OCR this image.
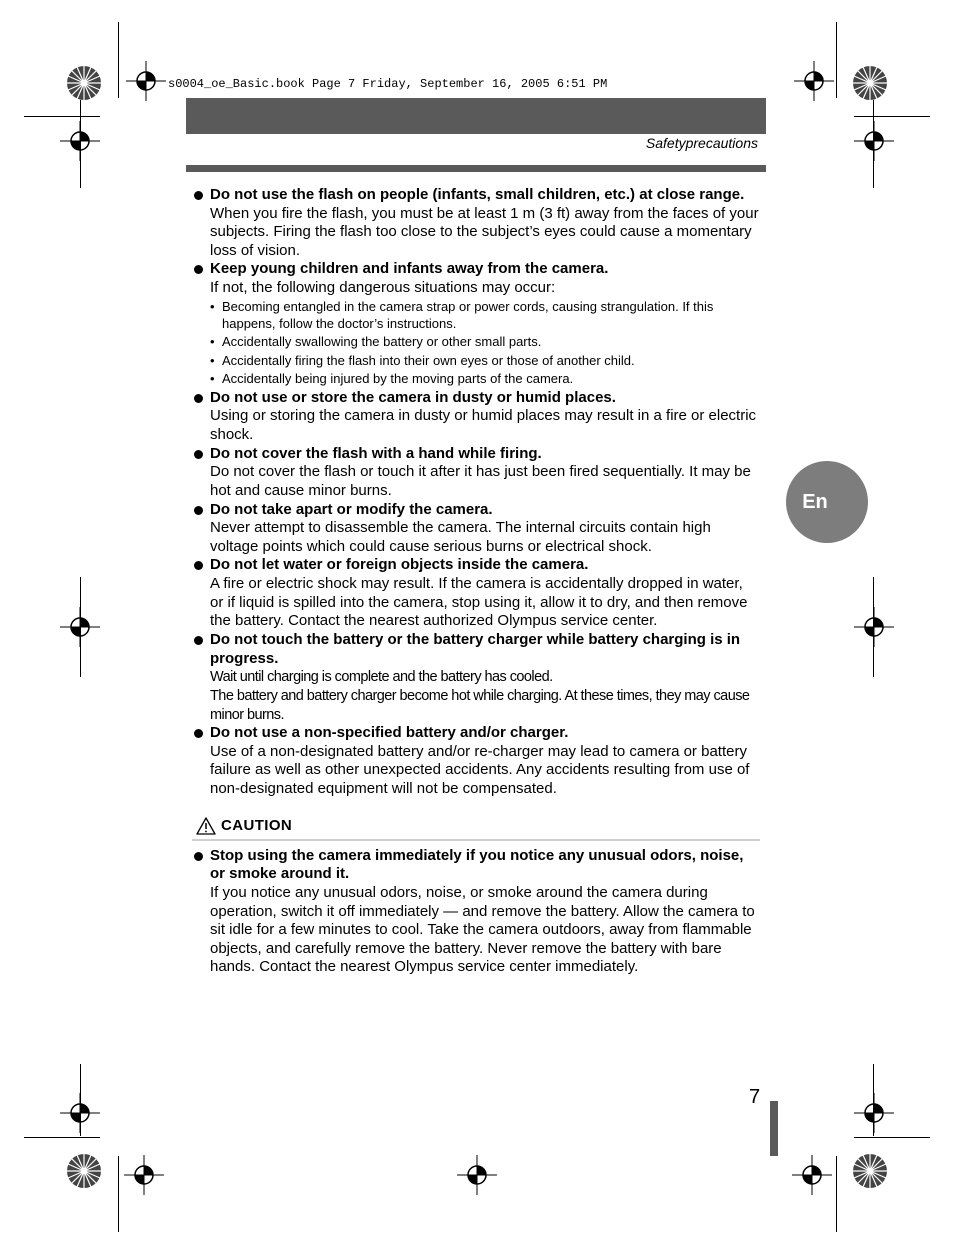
s0004_oe_Basic.book Page 7 Friday, September 16, 2005 6:51 PM
Safetyprecautions
En

Do not use the flash on people (infants, small children, etc.) at close range.

When you fire the flash, you must be at least 1 m (3 ft) away from the faces of your subjects. Firing the flash too close to the subject’s eyes could cause a momentary loss of vision.

Keep young children and infants away from the camera.

If not, the following dangerous situations may occur:

• Becoming entangled in the camera strap or power cords, causing strangulation. If this happens, follow the doctor’s instructions.
• Accidentally swallowing the battery or other small parts.
• Accidentally firing the flash into their own eyes or those of another child.
• Accidentally being injured by the moving parts of the camera.

Do not use or store the camera in dusty or humid places.

Using or storing the camera in dusty or humid places may result in a fire or electric shock.

Do not cover the flash with a hand while firing.

Do not cover the flash or touch it after it has just been fired sequentially. It may be hot and cause minor burns.

Do not take apart or modify the camera.

Never attempt to disassemble the camera. The internal circuits contain high voltage points which could cause serious burns or electrical shock.

Do not let water or foreign objects inside the camera.

A fire or electric shock may result. If the camera is accidentally dropped in water, or if liquid is spilled into the camera, stop using it, allow it to dry, and then remove the battery. Contact the nearest authorized Olympus service center.

Do not touch the battery or the battery charger while battery charging is in progress.

Wait until charging is complete and the battery has cooled.

The battery and battery charger become hot while charging. At these times, they may cause minor burns.

Do not use a non-specified battery and/or charger.

Use of a non-designated battery and/or re-charger may lead to camera or battery failure as well as other unexpected accidents. Any accidents resulting from use of non-designated equipment will not be compensated.

CAUTION

Stop using the camera immediately if you notice any unusual odors, noise, or smoke around it.

If you notice any unusual odors, noise, or smoke around the camera during operation, switch it off immediately — and remove the battery. Allow the camera to sit idle for a few minutes to cool. Take the camera outdoors, away from flammable objects, and carefully remove the battery. Never remove the battery with bare hands. Contact the nearest Olympus service center immediately.

7
